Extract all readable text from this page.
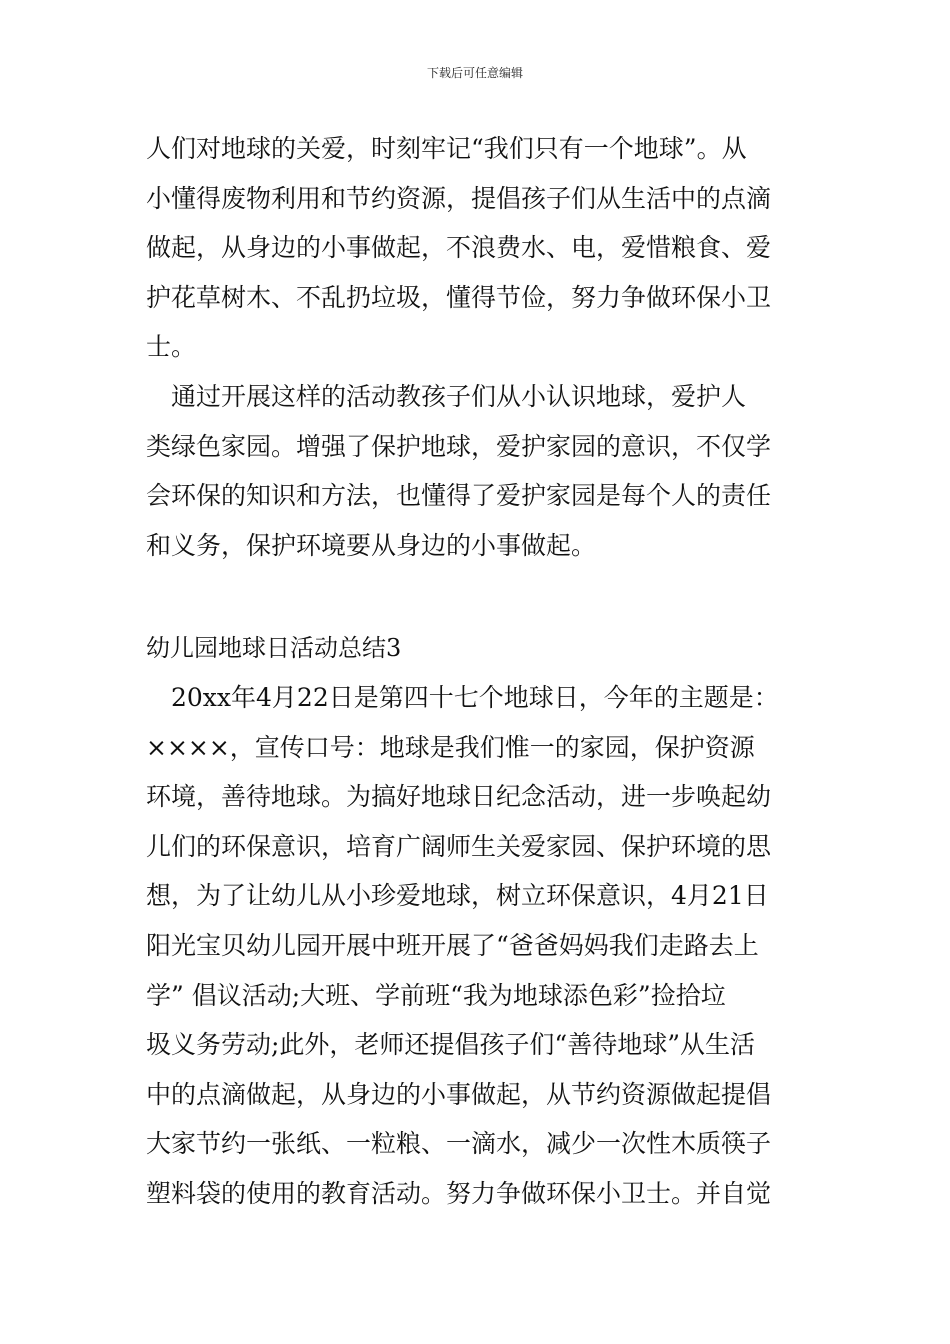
下载后可任意编辑
人们对地球的关爱，时刻牢记“我们只有一个地球”。从
小懂得废物利用和节约资源，提倡孩子们从生活中的点滴
做起，从身边的小事做起，不浪费水、电，爱惜粮食、爱
护花草树木、不乱扔垃圾，懂得节俭，努力争做环保小卫
士。
　通过开展这样的活动教孩子们从小认识地球，爱护人
类绿色家园。增强了保护地球，爱护家园的意识，不仅学
会环保的知识和方法，也懂得了爱护家园是每个人的责任
和义务，保护环境要从身边的小事做起。
幼儿园地球日活动总结3
　20xx年4月22日是第四十七个地球日，今年的主题是：
××××，宣传口号：地球是我们惟一的家园，保护资源
环境，善待地球。为搞好地球日纪念活动，进一步唤起幼
儿们的环保意识，培育广阔师生关爱家园、保护环境的思
想，为了让幼儿从小珍爱地球，树立环保意识，4月21日
阳光宝贝幼儿园开展中班开展了“爸爸妈妈我们走路去上
学” 倡议活动;大班、学前班“我为地球添色彩”捡拾垃
圾义务劳动;此外，老师还提倡孩子们“善待地球”从生活
中的点滴做起，从身边的小事做起，从节约资源做起提倡
大家节约一张纸、一粒粮、一滴水，减少一次性木质筷子
塑料袋的使用的教育活动。努力争做环保小卫士。并自觉
